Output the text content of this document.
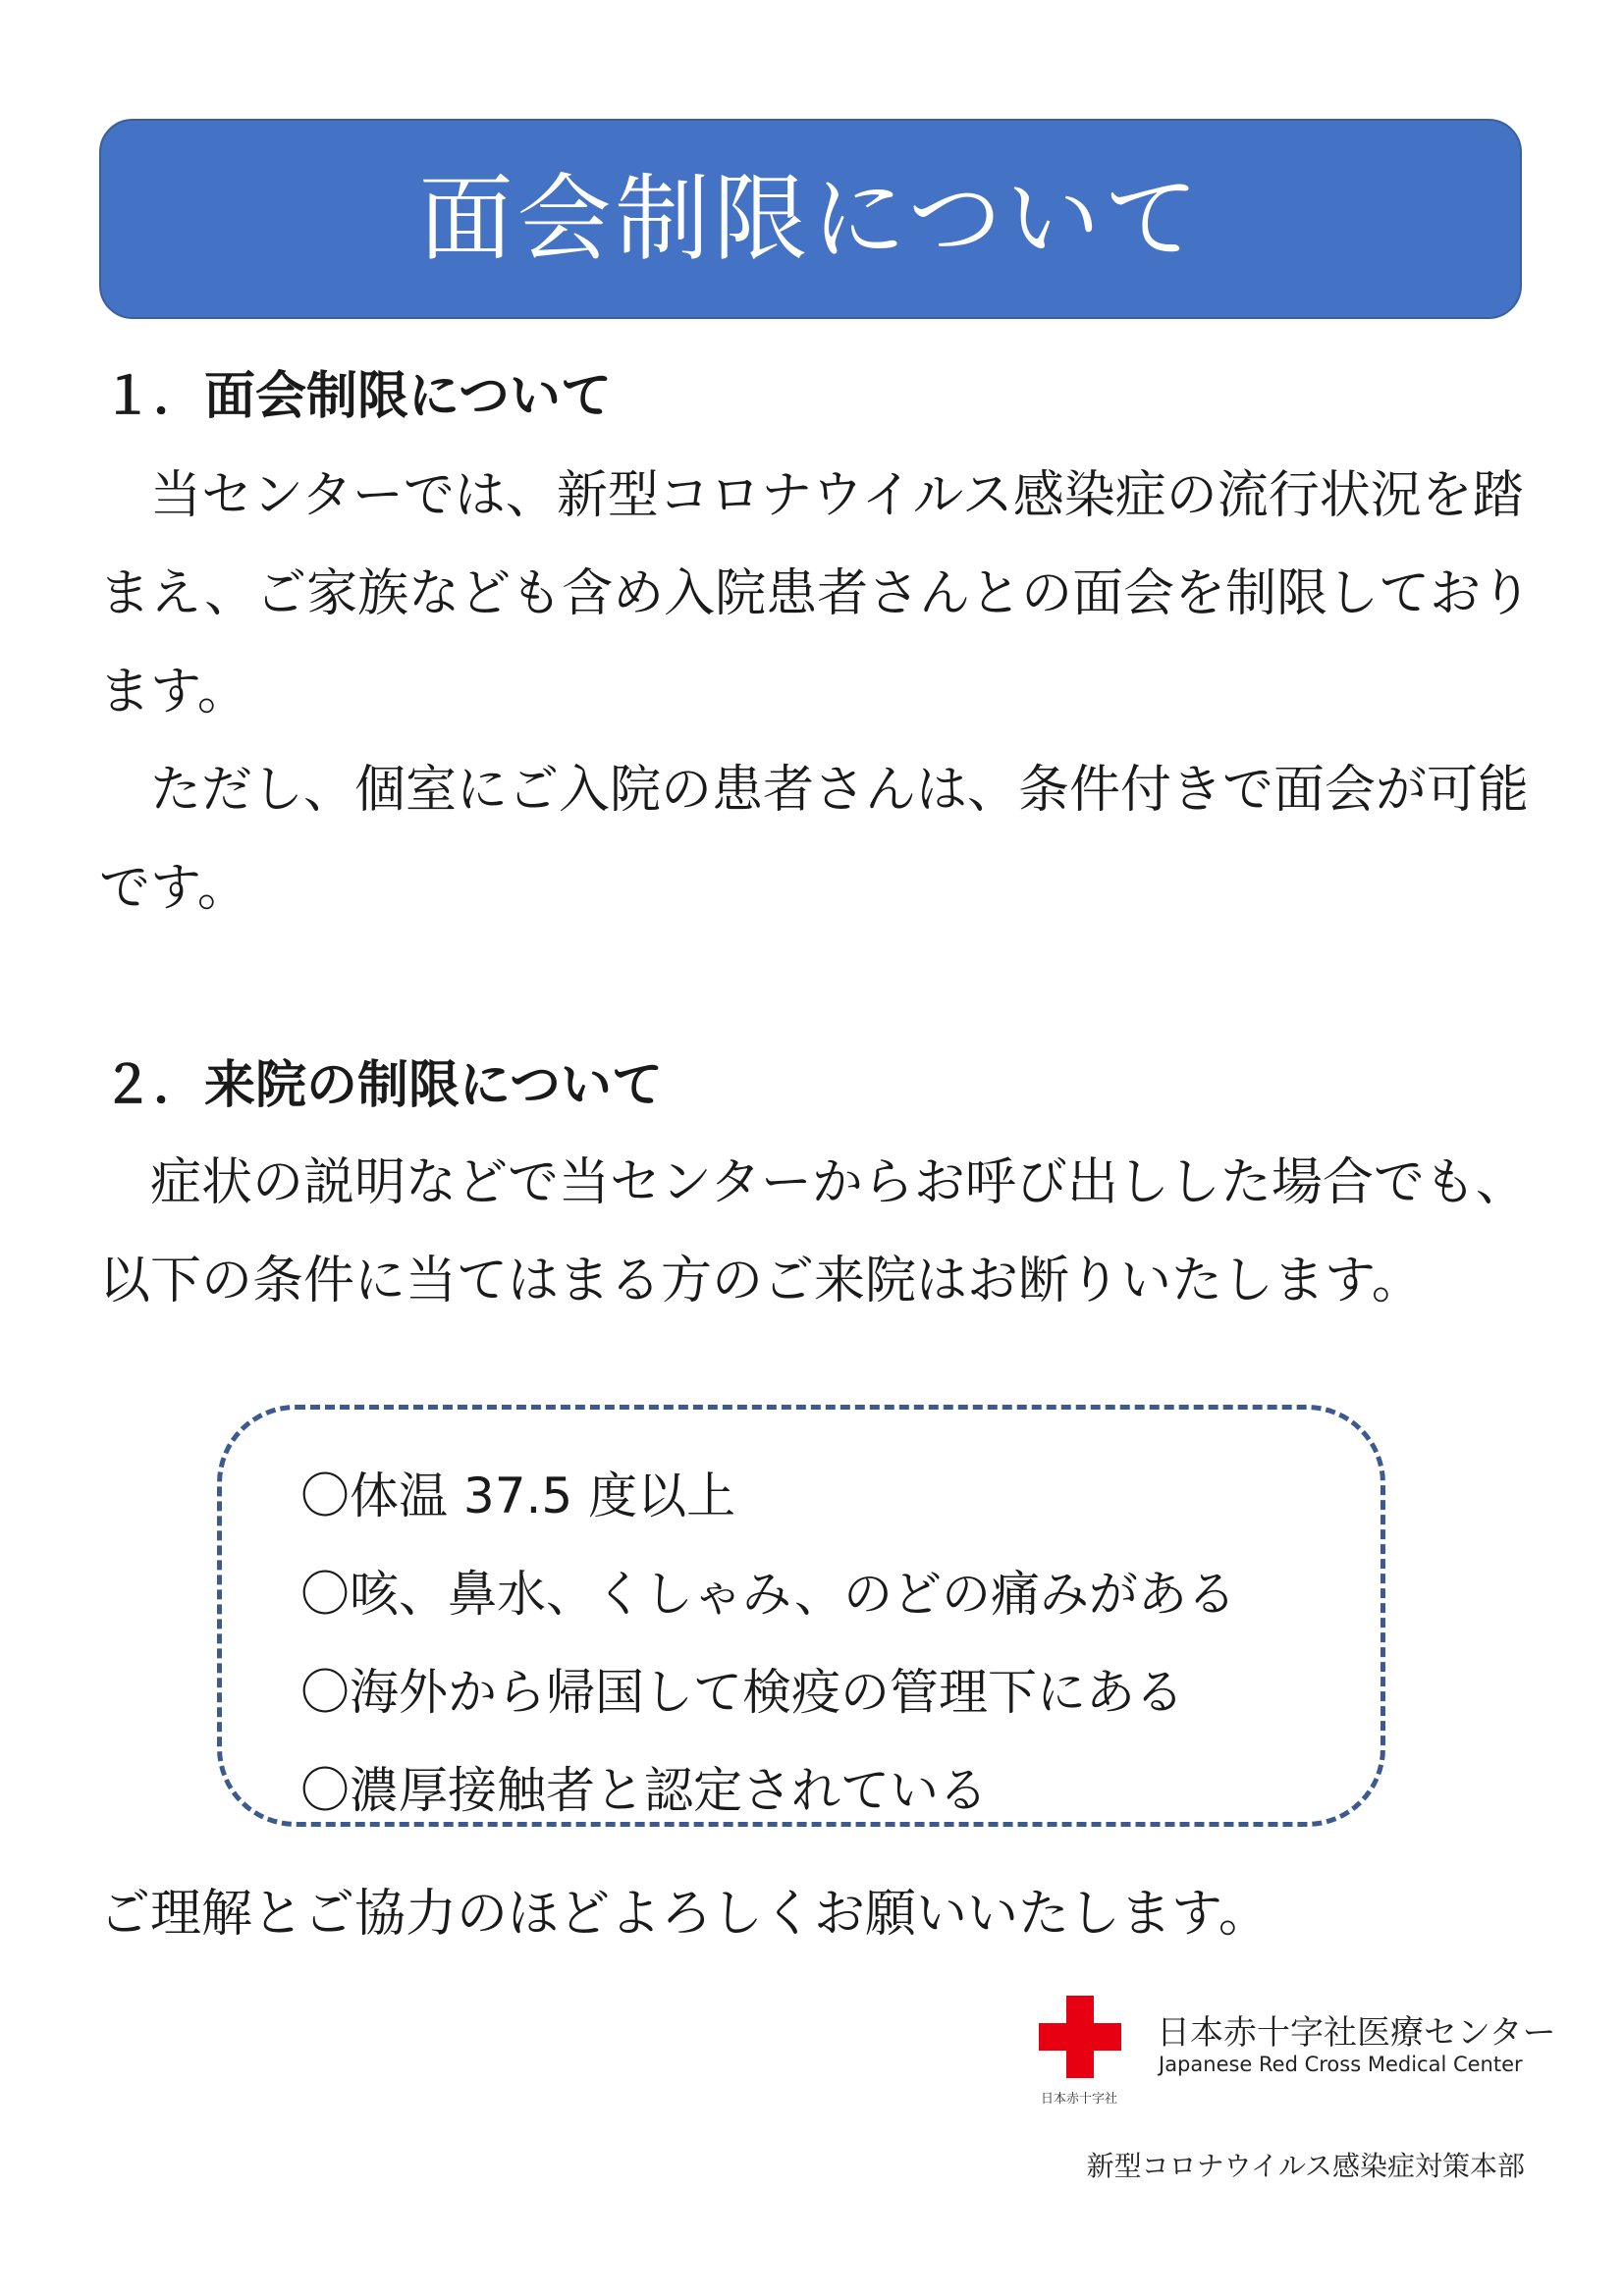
面会制限について
１．面会制限について

当センターでは、新型コロナウイルス感染症の流行状況を踏まえ、ご家族なども含め入院患者さんとの面会を制限しております。

ただし、個室にご入院の患者さんは、条件付きで面会が可能です。

２．来院の制限について

症状の説明などで当センターからお呼び出しした場合でも、以下の条件に当てはまる方のご来院はお断りいたします。

〇体温 37.5 度以上
〇咳、鼻水、くしゃみ、のどの痛みがある
〇海外から帰国して検疫の管理下にある
〇濃厚接触者と認定されている

ご理解とご協力のほどよろしくお願いいたします。

日本赤十字社
日本赤十字社医療センター
Japanese Red Cross Medical Center
新型コロナウイルス感染症対策本部
